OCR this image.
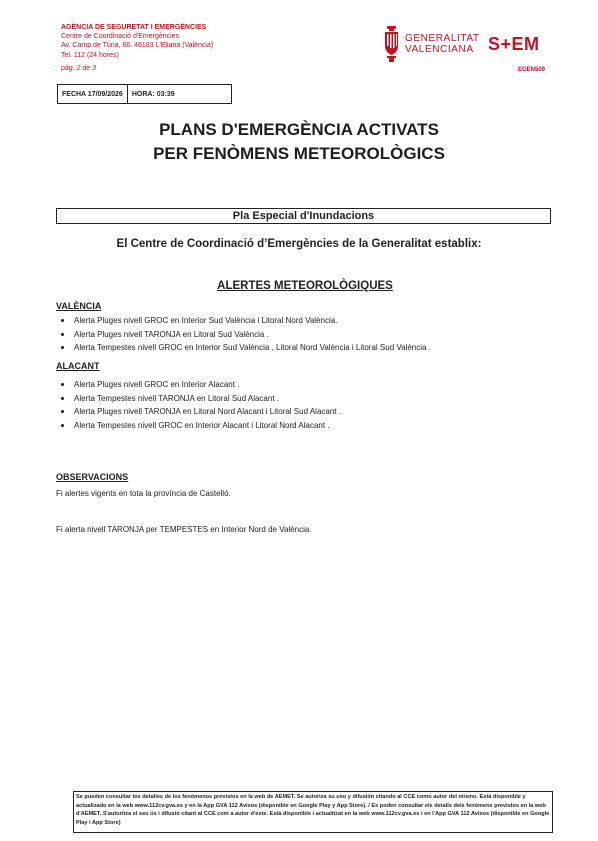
AGÈNCIA DE SEGURETAT I EMERGÈNCIES
Centre de Coordinació d'Emergències
Av. Camp de Túria, 66. 46183 L'Eliana (València)
Tel. 112 (24 hores)
pàg. 2 de 3
GENERALITAT
VALENCIANA S+EM
EGEN509
FECHA 17/09/2026	HORA: 03:39
PLANS D'EMERGÈNCIA ACTIVATS
PER FENÒMENS METEOROLÒGICS
Pla Especial d'Inundacions
El Centre de Coordinació d’Emergències de la Generalitat establix:
ALERTES METEOROLÒGIQUES
VALÈNCIA
Alerta Pluges nivell GROC en Interior Sud València i Litoral Nord València.
Alerta Pluges nivell TARONJA en Litoral Sud València .
Alerta Tempestes nivell GROC en Interior Sud València , Litoral Nord València i Litoral Sud València .
ALACANT
Alerta Pluges nivell GROC en Interior Alacant .
Alerta Tempestes nivell TARONJA en Litoral Sud Alacant .
Alerta Pluges nivell TARONJA en Litoral Nord Alacant i Litoral Sud Alacant .
Alerta Tempestes nivell GROC en Interior Alacant i Litoral Nord Alacant .
OBSERVACIONS
Fi alertes vigents en tota la província de Castelló.
Fi alerta nivell TARONJA per TEMPESTES en Interior Nord de València.
Se pueden consultar los detalles de los fenómenos previstos en la web de AEMET. Se autoriza su uso y difusión citando al CCE como autor del mismo. Está disponible y actualizado en la web www.112cv.gva.es y en la App GVA 112 Avisos (disponible en Google Play y App Store). / Es poden consultar els detalls dels fenòmens previstos en la web d'AEMET. S'autoritza el seu ús i difusió citant al CCE com a autor d'este. Està disponible i actualitzat en la web www.112cv.gva.es i en l'App GVA 112 Avisos (disponible en Google Play i App Store)
